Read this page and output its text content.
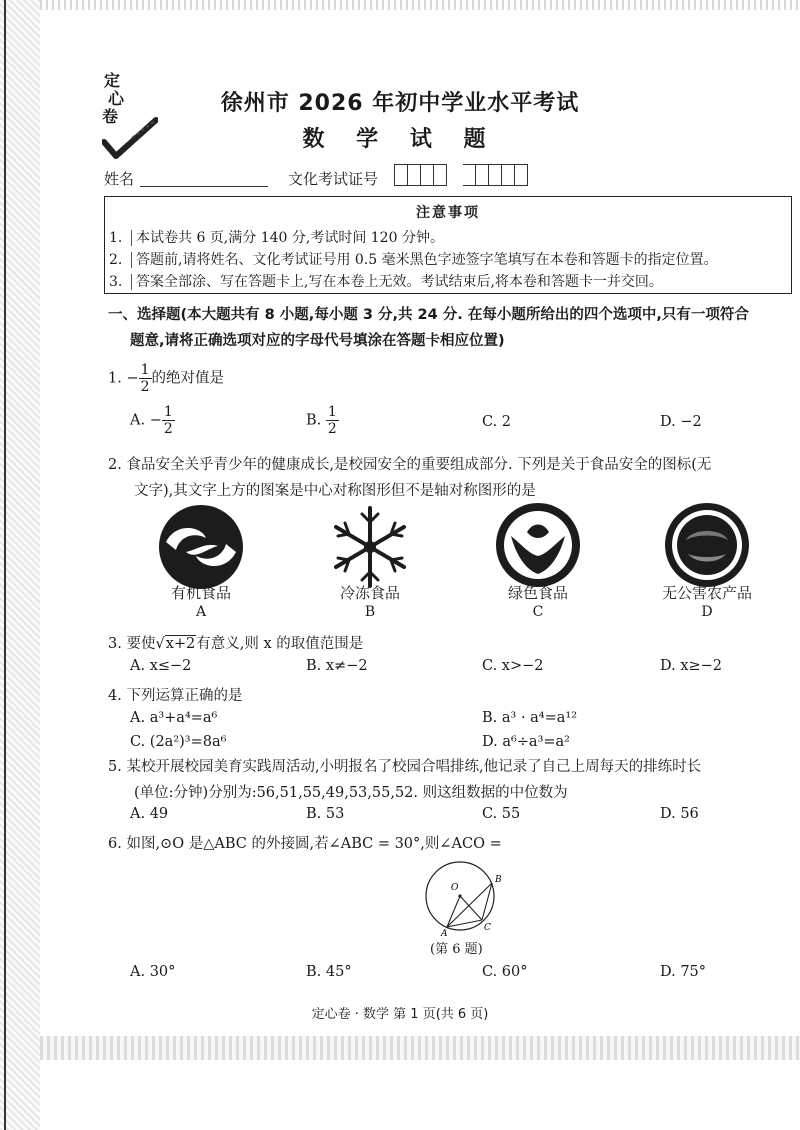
定
心
卷
徐州市 2026 年初中学业水平考试
数 学 试 题
姓名	文化考试证号
注意事项
1. 本试卷共 6 页,满分 140 分,考试时间 120 分钟。
2. 答题前,请将姓名、文化考试证号用 0.5 毫米黑色字迹签字笔填写在本卷和答题卡的指定位置。
3. 答案全部涂、写在答题卡上,写在本卷上无效。考试结束后,将本卷和答题卡一并交回。
一、选择题(本大题共有 8 小题,每小题 3 分,共 24 分. 在每小题所给出的四个选项中,只有一项符合
题意,请将正确选项对应的字母代号填涂在答题卡相应位置)
1. − $\frac{1}{2}$ 的绝对值是
A. − $\frac{1}{2}$	B. $\frac{1}{2}$	C. 2	D. −2
2. 食品安全关乎青少年的健康成长,是校园安全的重要组成部分. 下列是关于食品安全的图标(无
文字),其文字上方的图案是中心对称图形但不是轴对称图形的是
有机食品
A
冷冻食品
B
绿色食品
C
无公害农产品
D
3. 要使√x+2有意义,则 x 的取值范围是
A. x≤−2	B. x≠−2	C. x>−2	D. x≥−2
4. 下列运算正确的是
A. a³+a⁴=a⁶	B. a³ · a⁴=a¹²
C. (2a²)³=8a⁶	D. a⁶÷a³=a²
5. 某校开展校园美育实践周活动,小明报名了校园合唱排练,他记录了自己上周每天的排练时长
(单位:分钟)分别为:56,51,55,49,53,55,52. 则这组数据的中位数为
A. 49	B. 53	C. 55	D. 56
6. 如图,⊙O 是△ABC 的外接圆,若∠ABC = 30°,则∠ACO =
O
B
C
A
(第 6 题)
A. 30°	B. 45°	C. 60°	D. 75°
定心卷 · 数学 第 1 页(共 6 页)
